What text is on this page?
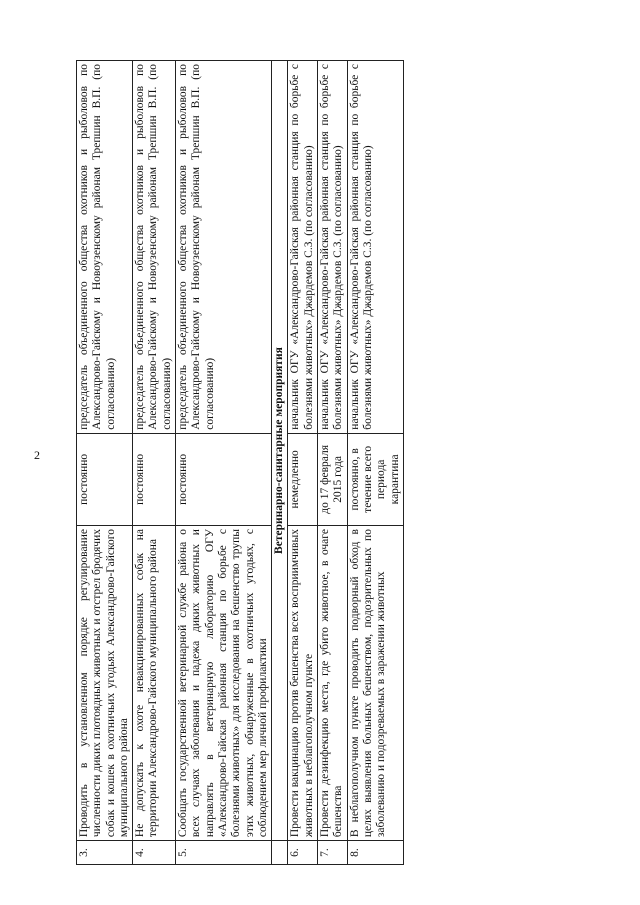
2
3.	Проводить в установленном порядке регулирование численности диких плотоядных животных и отстрел бродячих собак и кошек в охотничьих угодьях Александрово-Гайского муниципального района	постоянно	председатель объединенного общества охотников и рыболовов по Александрово-Гайскому и Новоузенскому районам Трепшин В.П. (по согласованию)
4.	Не допускать к охоте невакцинированных собак на территории Александрово-Гайского муниципального района	постоянно	председатель объединенного общества охотников и рыболовов по Александрово-Гайскому и Новоузенскому районам Трепшин В.П. (по согласованию)
5.	Сообщать государственной ветеринарной службе района о всех случаях заболевания и падежа диких животных и направлять в ветеринарную лабораторию ОГУ «Александрово-Гайская районная станция по борьбе с болезнями животных» для исследования на бешенство трупы этих животных, обнаруженные в охотничьих угодьях, с соблюдением мер личной профилактики	постоянно	председатель объединенного общества охотников и рыболовов по Александрово-Гайскому и Новоузенскому районам Трепшин В.П. (по согласованию)
	Ветеринарно-санитарные мероприятия		
6.	Провести вакцинацию против бешенства всех восприимчивых животных в неблагополучном пункте	немедленно	начальник ОГУ «Александрово-Гайская районная станция по борьбе с болезнями животных» Джардемов С.З. (по согласованию)
7.	Провести дезинфекцию места, где убито животное, в очаге бешенства	до 17 февраля 2015 года	начальник ОГУ «Александрово-Гайская районная станция по борьбе с болезнями животных» Джардемов С.З. (по согласованию)
8.	В неблагополучном пункте проводить подворный обход в целях выявления больных бешенством, подозрительных по заболеванию и подозреваемых в заражении животных	постоянно, в течение всего периода карантина	начальник ОГУ «Александрово-Гайская районная станция по борьбе с болезнями животных» Джардемов С.З. (по согласованию)
